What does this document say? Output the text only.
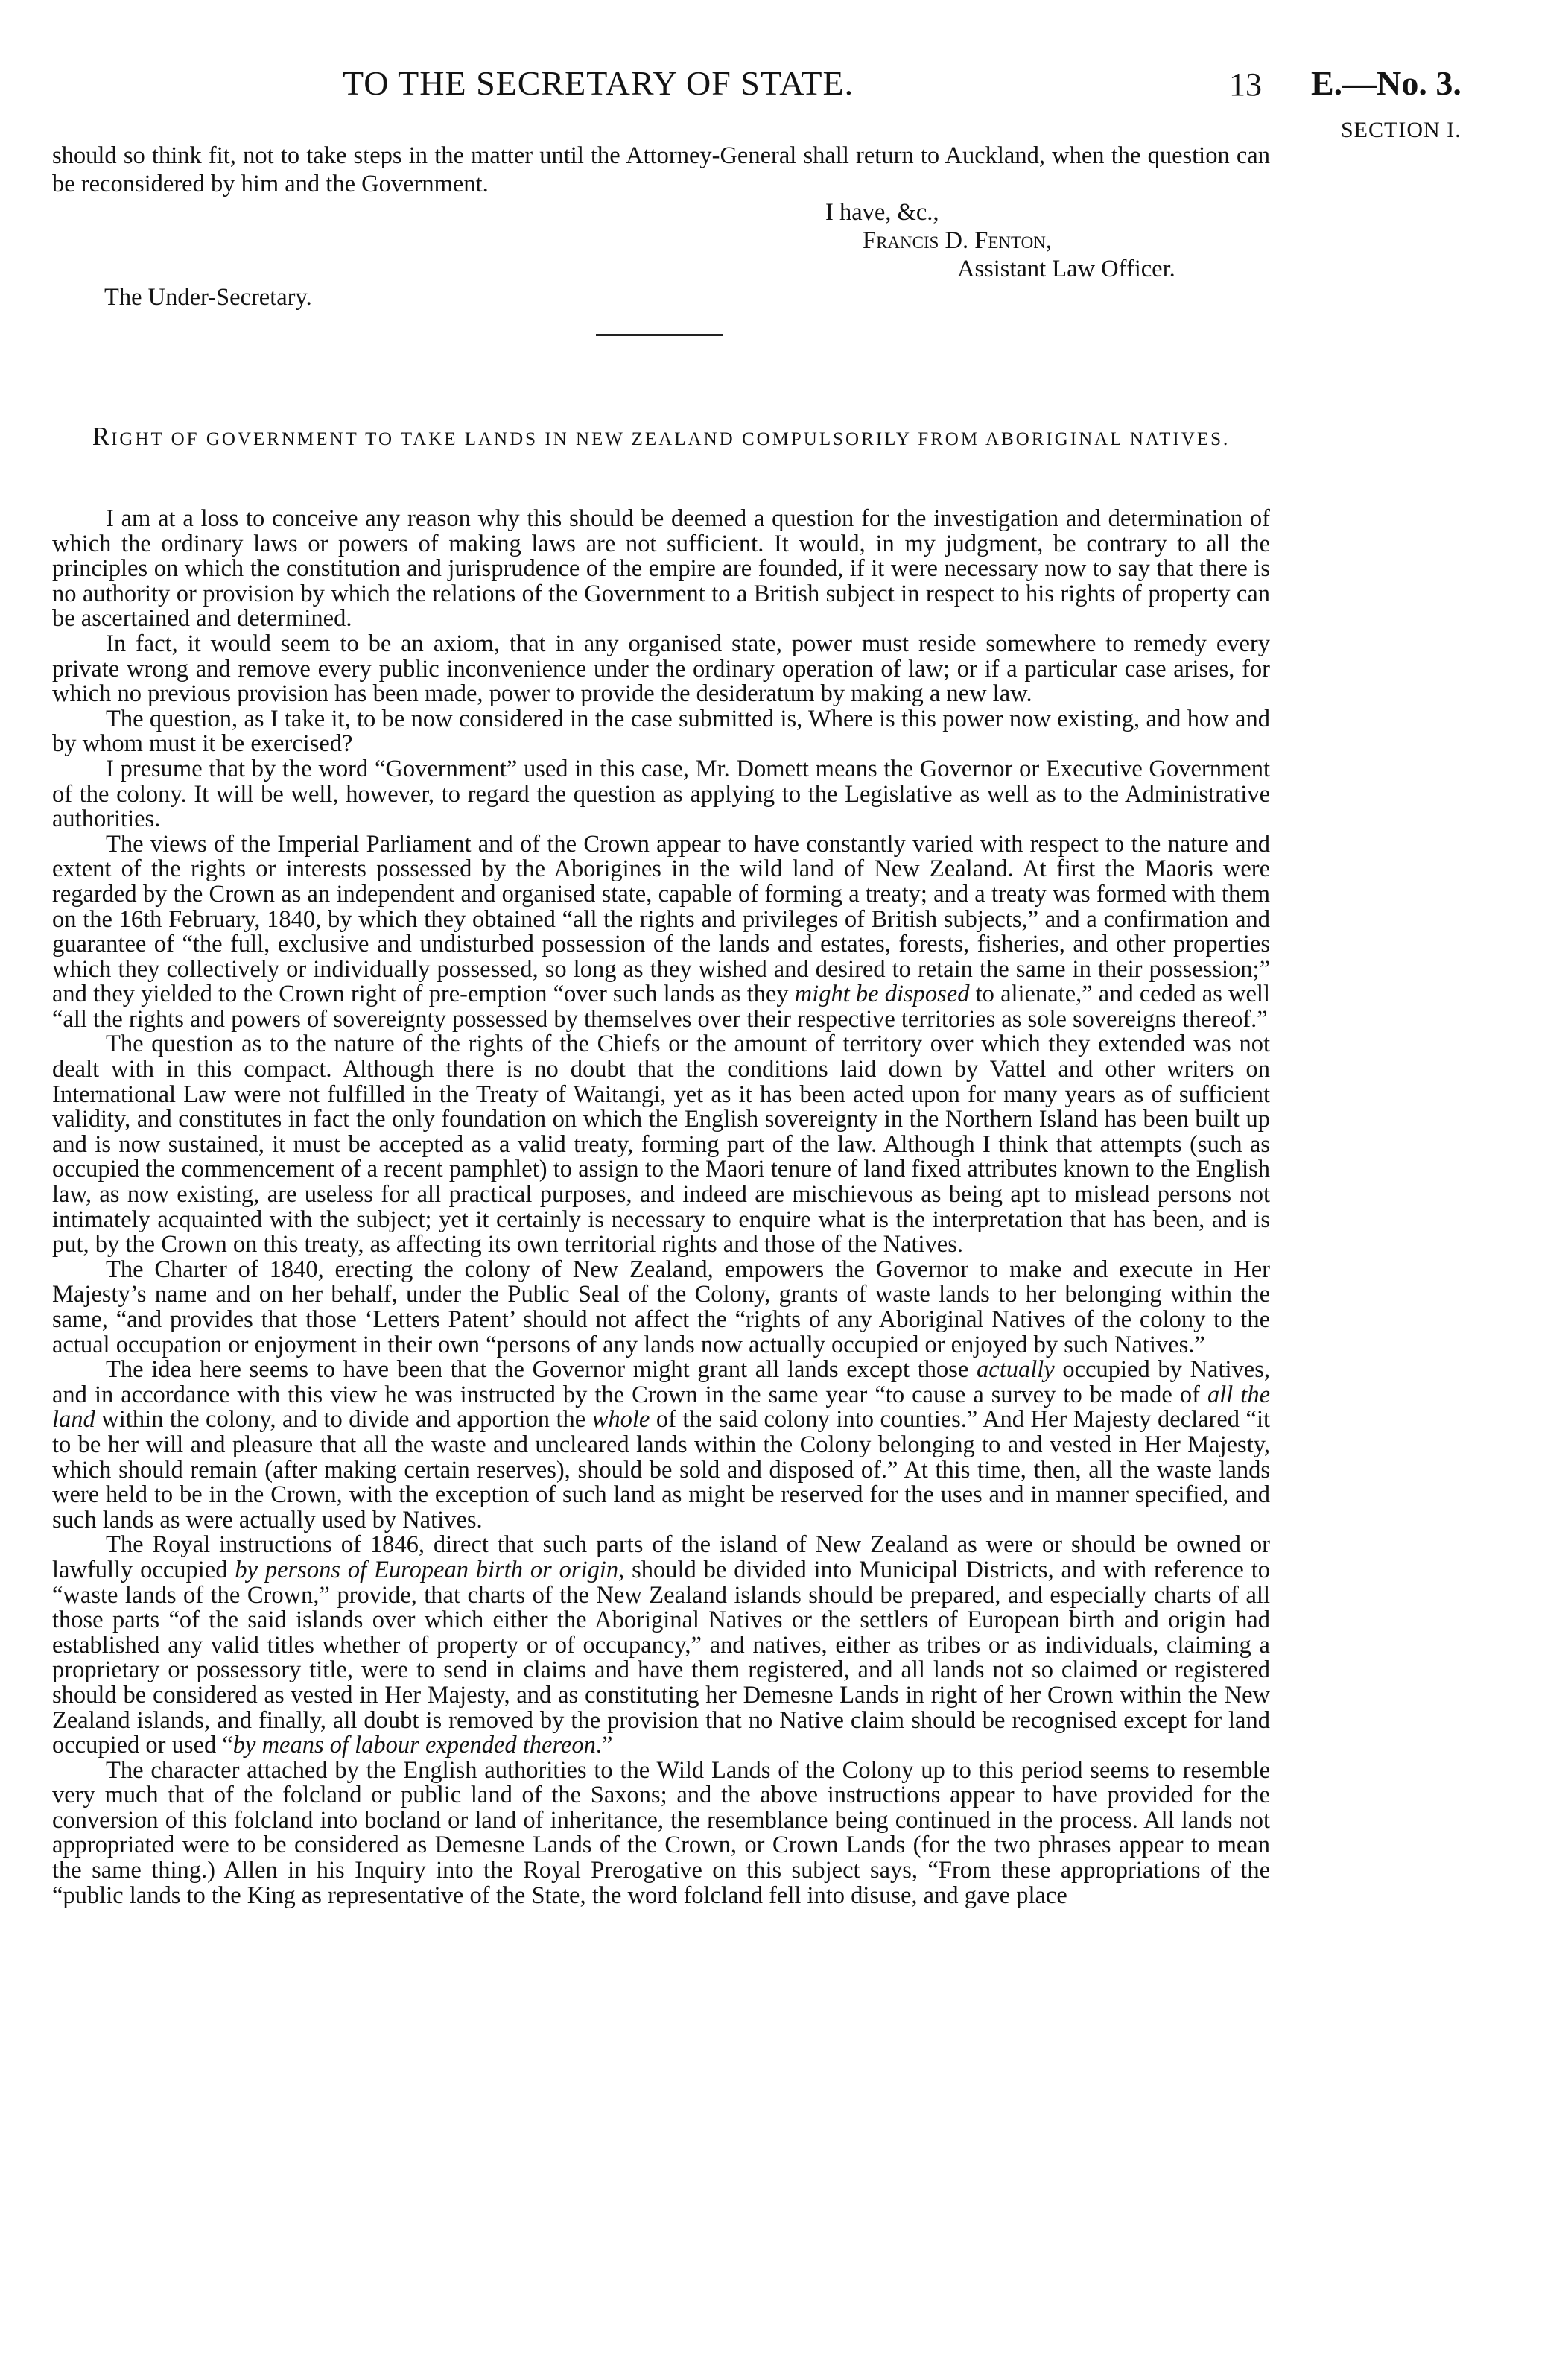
TO THE SECRETARY OF STATE.	13 E.—No. 3.
SECTION I.
should so think fit, not to take steps in the matter until the Attorney-General shall return to Auckland, when the question can be reconsidered by him and the Government.
I have, &c.,
Francis D. Fenton,
Assistant Law Officer.
The Under-Secretary.
RIGHT OF GOVERNMENT TO TAKE LANDS IN NEW ZEALAND COMPULSORILY FROM ABORIGINAL NATIVES.

I am at a loss to conceive any reason why this should be deemed a question for the investigation and determination of which the ordinary laws or powers of making laws are not sufficient. It would, in my judgment, be contrary to all the principles on which the constitution and jurisprudence of the empire are founded, if it were necessary now to say that there is no authority or provision by which the relations of the Government to a British subject in respect to his rights of property can be ascertained and determined.

In fact, it would seem to be an axiom, that in any organised state, power must reside somewhere to remedy every private wrong and remove every public inconvenience under the ordinary operation of law; or if a particular case arises, for which no previous provision has been made, power to provide the desideratum by making a new law.

The question, as I take it, to be now considered in the case submitted is, Where is this power now existing, and how and by whom must it be exercised?

I presume that by the word “Government” used in this case, Mr. Domett means the Governor or Executive Government of the colony. It will be well, however, to regard the question as applying to the Legislative as well as to the Administrative authorities.

The views of the Imperial Parliament and of the Crown appear to have constantly varied with respect to the nature and extent of the rights or interests possessed by the Aborigines in the wild land of New Zealand. At first the Maoris were regarded by the Crown as an independent and organised state, capable of forming a treaty; and a treaty was formed with them on the 16th February, 1840, by which they obtained “all the rights and privileges of British subjects,” and a confirmation and guarantee of “the full, exclusive and undisturbed possession of the lands and estates, forests, fisheries, and other properties which they collectively or individually possessed, so long as they wished and desired to retain the same in their possession;” and they yielded to the Crown right of pre-emption “over such lands as they might be disposed to alienate,” and ceded as well “all the rights and powers of sovereignty possessed by themselves over their respective territories as sole sovereigns thereof.”

The question as to the nature of the rights of the Chiefs or the amount of territory over which they extended was not dealt with in this compact. Although there is no doubt that the conditions laid down by Vattel and other writers on International Law were not fulfilled in the Treaty of Waitangi, yet as it has been acted upon for many years as of sufficient validity, and constitutes in fact the only foundation on which the English sovereignty in the Northern Island has been built up and is now sustained, it must be accepted as a valid treaty, forming part of the law. Although I think that attempts (such as occupied the commencement of a recent pamphlet) to assign to the Maori tenure of land fixed attributes known to the English law, as now existing, are useless for all practical purposes, and indeed are mischievous as being apt to mislead persons not intimately acquainted with the subject; yet it certainly is necessary to enquire what is the interpretation that has been, and is put, by the Crown on this treaty, as affecting its own territorial rights and those of the Natives.

The Charter of 1840, erecting the colony of New Zealand, empowers the Governor to make and execute in Her Majesty’s name and on her behalf, under the Public Seal of the Colony, grants of waste lands to her belonging within the same, “and provides that those ‘Letters Patent’ should not affect the “rights of any Aboriginal Natives of the colony to the actual occupation or enjoyment in their own “persons of any lands now actually occupied or enjoyed by such Natives.”

The idea here seems to have been that the Governor might grant all lands except those actually occupied by Natives, and in accordance with this view he was instructed by the Crown in the same year “to cause a survey to be made of all the land within the colony, and to divide and apportion the whole of the said colony into counties.” And Her Majesty declared “it to be her will and pleasure that all the waste and uncleared lands within the Colony belonging to and vested in Her Majesty, which should remain (after making certain reserves), should be sold and disposed of.” At this time, then, all the waste lands were held to be in the Crown, with the exception of such land as might be reserved for the uses and in manner specified, and such lands as were actually used by Natives.

The Royal instructions of 1846, direct that such parts of the island of New Zealand as were or should be owned or lawfully occupied by persons of European birth or origin, should be divided into Municipal Districts, and with reference to “waste lands of the Crown,” provide, that charts of the New Zealand islands should be prepared, and especially charts of all those parts “of the said islands over which either the Aboriginal Natives or the settlers of European birth and origin had established any valid titles whether of property or of occupancy,” and natives, either as tribes or as individuals, claiming a proprietary or possessory title, were to send in claims and have them registered, and all lands not so claimed or registered should be considered as vested in Her Majesty, and as constituting her Demesne Lands in right of her Crown within the New Zealand islands, and finally, all doubt is removed by the provision that no Native claim should be recognised except for land occupied or used “by means of labour expended thereon.”

The character attached by the English authorities to the Wild Lands of the Colony up to this period seems to resemble very much that of the folcland or public land of the Saxons; and the above instructions appear to have provided for the conversion of this folcland into bocland or land of inheritance, the resemblance being continued in the process. All lands not appropriated were to be considered as Demesne Lands of the Crown, or Crown Lands (for the two phrases appear to mean the same thing.) Allen in his Inquiry into the Royal Prerogative on this subject says, “From these appropriations of the “public lands to the King as representative of the State, the word folcland fell into disuse, and gave place
